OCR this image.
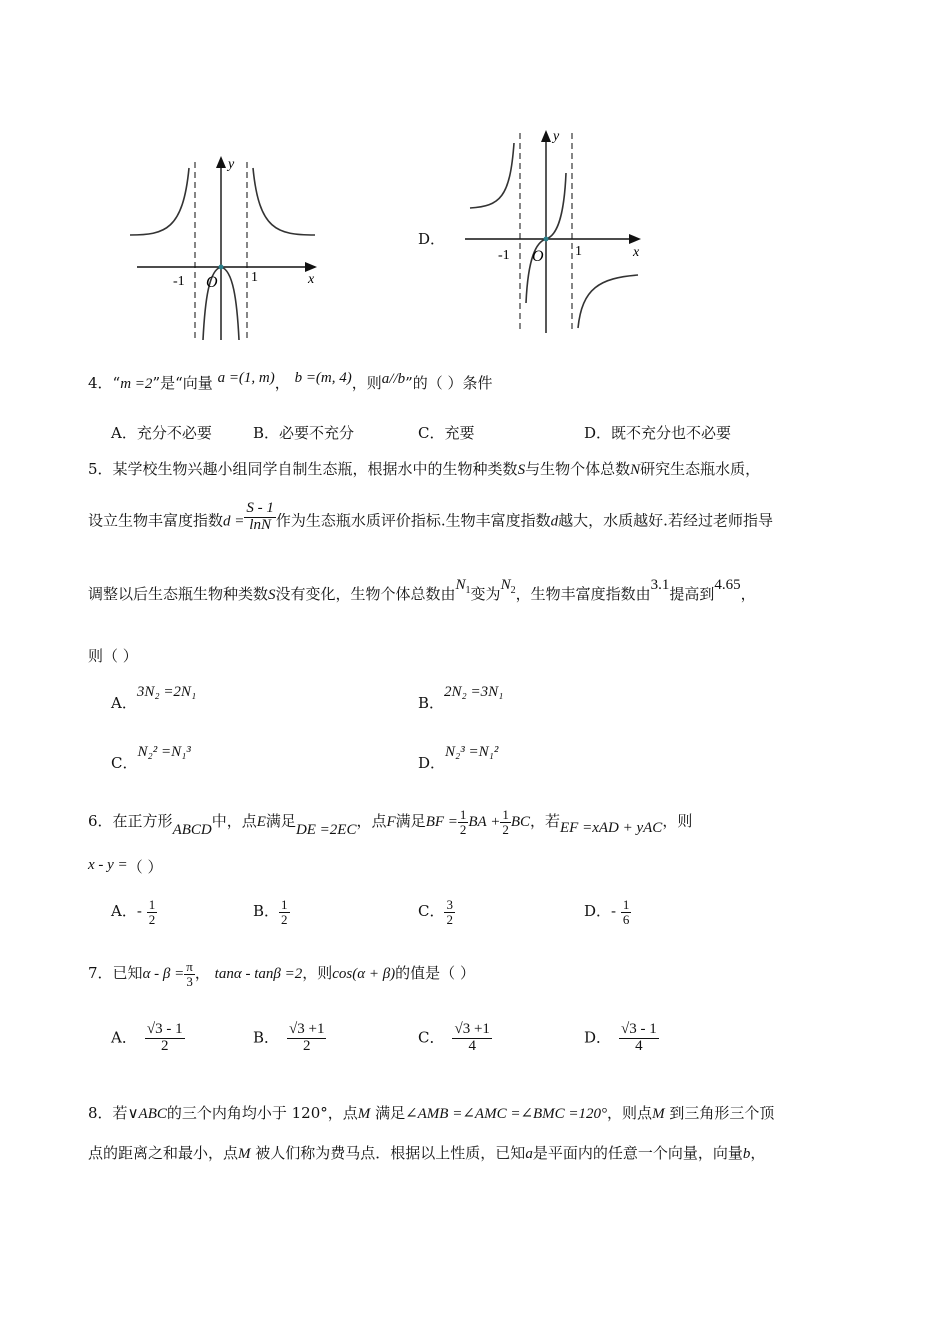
y
x
-1	1
O
D．
y
x
-1	1
O
4．“m =2”是“向量 a =(1, m)， b =(m, 4)，则a//b”的（ ）条件
A．充分不必要	B．必要不充分	C．充要	D．既不充分也不必要
5．某学校生物兴趣小组同学自制生态瓶，根据水中的生物种类数S与生物个体总数N研究生态瓶水质，
设立生物丰富度指数$d = \frac{S - 1}{\ln N}$ 作为生态瓶水质评价指标.生物丰富度指数d越大，水质越好.若经过老师指导
调整以后生态瓶生物种类数S没有变化，生物个体总数由$N_1$变为$N_2$，生物丰富度指数由3.1提高到4.65，
则（ ）
A．3N₂ =2N₁
B．2N₂ =3N₁
C．N₂² =N₁³
D．N₂³ =N₁²
6．在正方形ABCD中，点E满足DE =2EC，点F满足BF = $\frac{1}{2}$ BA + $\frac{1}{2}$ BC，若EF =xAD + yAC，则
x - y =（ ）
A．- $\frac{1}{2}$	B． $\frac{1}{2}$	C． $\frac{3}{2}$	D．- $\frac{1}{6}$
7．已知$\alpha - \beta = \frac{\pi}{3}$ ， tanα - tanβ =2，则cos(α + β)的值是（ ）
A． $\frac{√3 - 1}{2}$	B． $\frac{√3 +1}{2}$	C． $\frac{√3 +1}{4}$	D． $\frac{√3 - 1}{4}$
8．若∨ABC的三个内角均小于 120°，点M 满足∠AMB =∠AMC =∠BMC =120°，则点M 到三角形三个顶
点的距离之和最小，点M 被人们称为费马点．根据以上性质，已知a是平面内的任意一个向量，向量b，
